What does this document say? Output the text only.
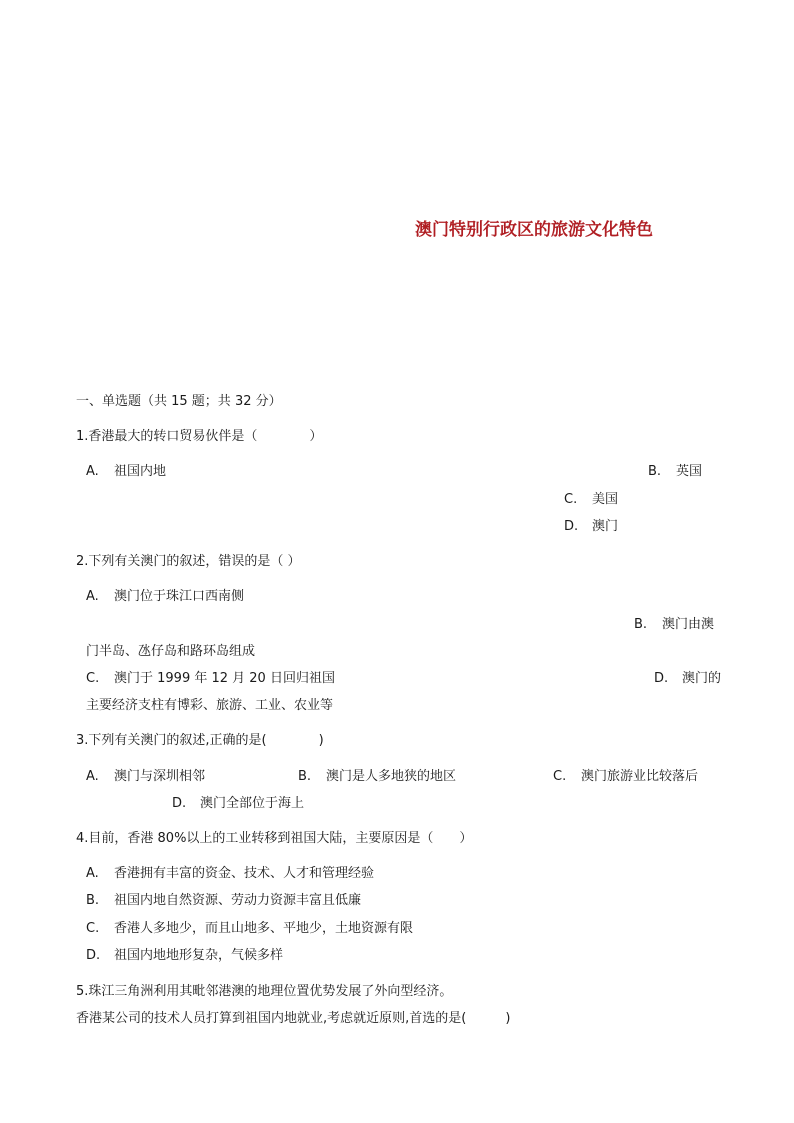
澳门特别行政区的旅游文化特色
一、单选题（共 15 题；共 32 分）
1.香港最大的转口贸易伙伴是（　　　　）
A. 祖国内地	B. 英国
C. 美国
D. 澳门
2.下列有关澳门的叙述，错误的是（ ）
A. 澳门位于珠江口西南侧
B. 澳门由澳
门半岛、氹仔岛和路环岛组成
C. 澳门于 1999 年 12 月 20 日回归祖国	D. 澳门的
主要经济支柱有博彩、旅游、工业、农业等
3.下列有关澳门的叙述,正确的是(　　　　)
A. 澳门与深圳相邻	B. 澳门是人多地狭的地区	C. 澳门旅游业比较落后
D. 澳门全部位于海上
4.目前，香港 80%以上的工业转移到祖国大陆，主要原因是（　　）
A. 香港拥有丰富的资金、技术、人才和管理经验
B. 祖国内地自然资源、劳动力资源丰富且低廉
C. 香港人多地少，而且山地多、平地少，土地资源有限
D. 祖国内地地形复杂，气候多样
5.珠江三角洲利用其毗邻港澳的地理位置优势发展了外向型经济。
香港某公司的技术人员打算到祖国内地就业,考虑就近原则,首选的是(　　　)
